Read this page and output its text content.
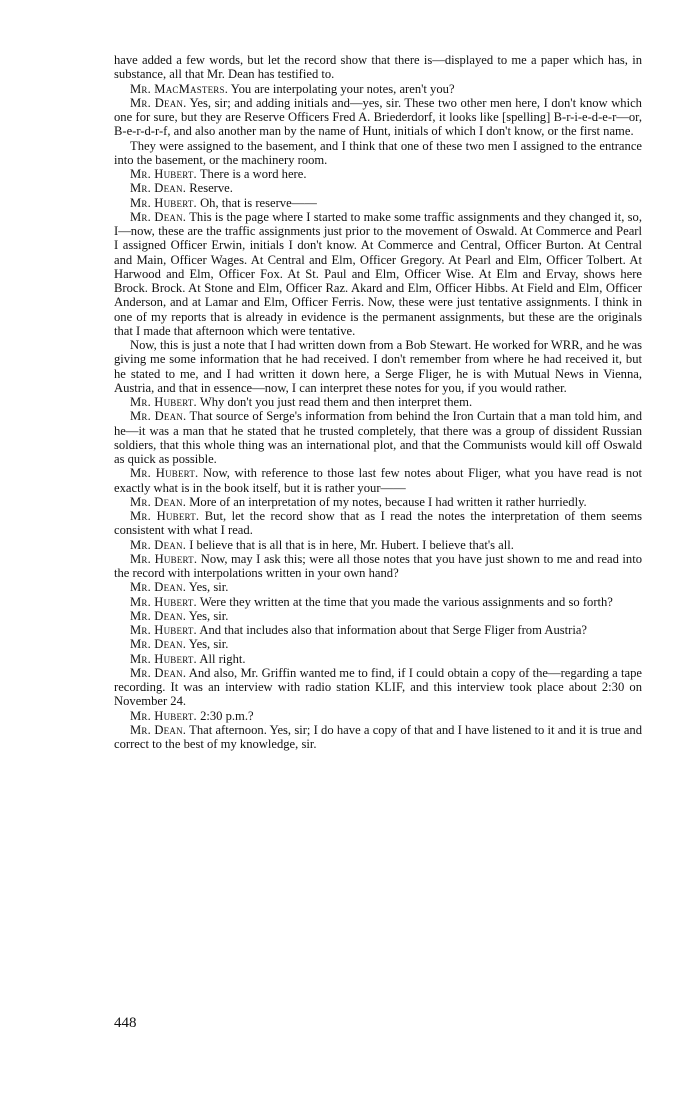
have added a few words, but let the record show that there is—displayed to me a paper which has, in substance, all that Mr. Dean has testified to.

Mr. MacMasters. You are interpolating your notes, aren't you?

Mr. Dean. Yes, sir; and adding initials and—yes, sir. These two other men here, I don't know which one for sure, but they are Reserve Officers Fred A. Briederdorf, it looks like [spelling] B-r-i-e-d-e-r—or, B-e-r-d-r-f, and also another man by the name of Hunt, initials of which I don't know, or the first name.

They were assigned to the basement, and I think that one of these two men I assigned to the entrance into the basement, or the machinery room.

Mr. Hubert. There is a word here.

Mr. Dean. Reserve.

Mr. Hubert. Oh, that is reserve——

Mr. Dean. This is the page where I started to make some traffic assignments and they changed it, so, I—now, these are the traffic assignments just prior to the movement of Oswald. At Commerce and Pearl I assigned Officer Erwin, initials I don't know. At Commerce and Central, Officer Burton. At Central and Main, Officer Wages. At Central and Elm, Officer Gregory. At Pearl and Elm, Officer Tolbert. At Harwood and Elm, Officer Fox. At St. Paul and Elm, Officer Wise. At Elm and Ervay, shows here Brock. Brock. At Stone and Elm, Officer Raz. Akard and Elm, Officer Hibbs. At Field and Elm, Officer Anderson, and at Lamar and Elm, Officer Ferris. Now, these were just tentative assignments. I think in one of my reports that is already in evidence is the permanent assignments, but these are the originals that I made that afternoon which were tentative.

Now, this is just a note that I had written down from a Bob Stewart. He worked for WRR, and he was giving me some information that he had received. I don't remember from where he had received it, but he stated to me, and I had written it down here, a Serge Fliger, he is with Mutual News in Vienna, Austria, and that in essence—now, I can interpret these notes for you, if you would rather.

Mr. Hubert. Why don't you just read them and then interpret them.

Mr. Dean. That source of Serge's information from behind the Iron Curtain that a man told him, and he—it was a man that he stated that he trusted completely, that there was a group of dissident Russian soldiers, that this whole thing was an international plot, and that the Communists would kill off Oswald as quick as possible.

Mr. Hubert. Now, with reference to those last few notes about Fliger, what you have read is not exactly what is in the book itself, but it is rather your——

Mr. Dean. More of an interpretation of my notes, because I had written it rather hurriedly.

Mr. Hubert. But, let the record show that as I read the notes the interpretation of them seems consistent with what I read.

Mr. Dean. I believe that is all that is in here, Mr. Hubert. I believe that's all.

Mr. Hubert. Now, may I ask this; were all those notes that you have just shown to me and read into the record with interpolations written in your own hand?

Mr. Dean. Yes, sir.

Mr. Hubert. Were they written at the time that you made the various assignments and so forth?

Mr. Dean. Yes, sir.

Mr. Hubert. And that includes also that information about that Serge Fliger from Austria?

Mr. Dean. Yes, sir.

Mr. Hubert. All right.

Mr. Dean. And also, Mr. Griffin wanted me to find, if I could obtain a copy of the—regarding a tape recording. It was an interview with radio station KLIF, and this interview took place about 2:30 on November 24.

Mr. Hubert. 2:30 p.m.?

Mr. Dean. That afternoon. Yes, sir; I do have a copy of that and I have listened to it and it is true and correct to the best of my knowledge, sir.

448
